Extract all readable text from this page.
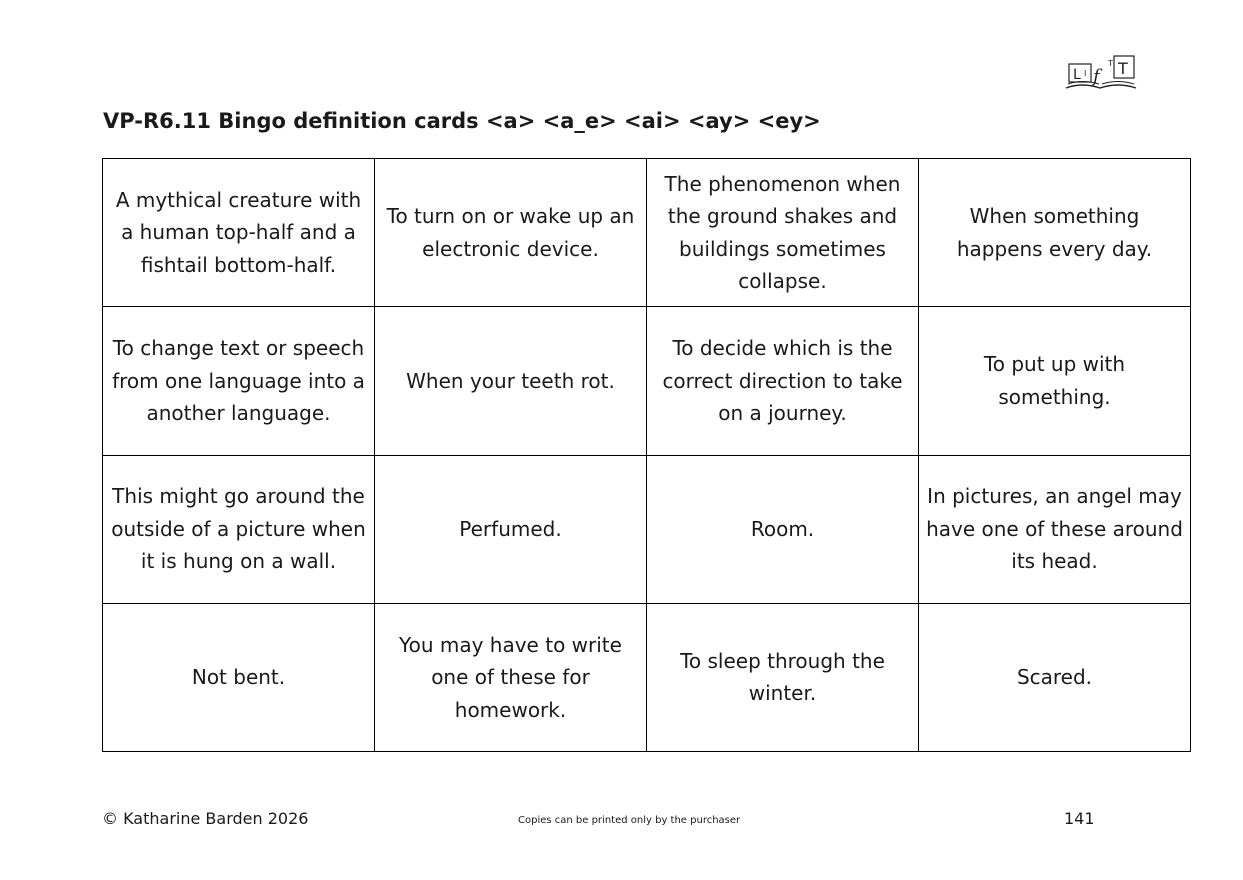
L I f
T T
VP-R6.11 Bingo definition cards <a> <a_e> <ai> <ay> <ey>
A mythical creature with a human top-half and a fishtail bottom-half.	To turn on or wake up an electronic device.	The phenomenon when the ground shakes and buildings sometimes collapse.	When something happens every day.
To change text or speech from one language into a another language.	When your teeth rot.	To decide which is the correct direction to take on a journey.	To put up with something.
This might go around the outside of a picture when it is hung on a wall.	Perfumed.	Room.	In pictures, an angel may have one of these around its head.
Not bent.	You may have to write one of these for homework.	To sleep through the winter.	Scared.
© Katharine Barden 2026	Copies can be printed only by the purchaser	141
